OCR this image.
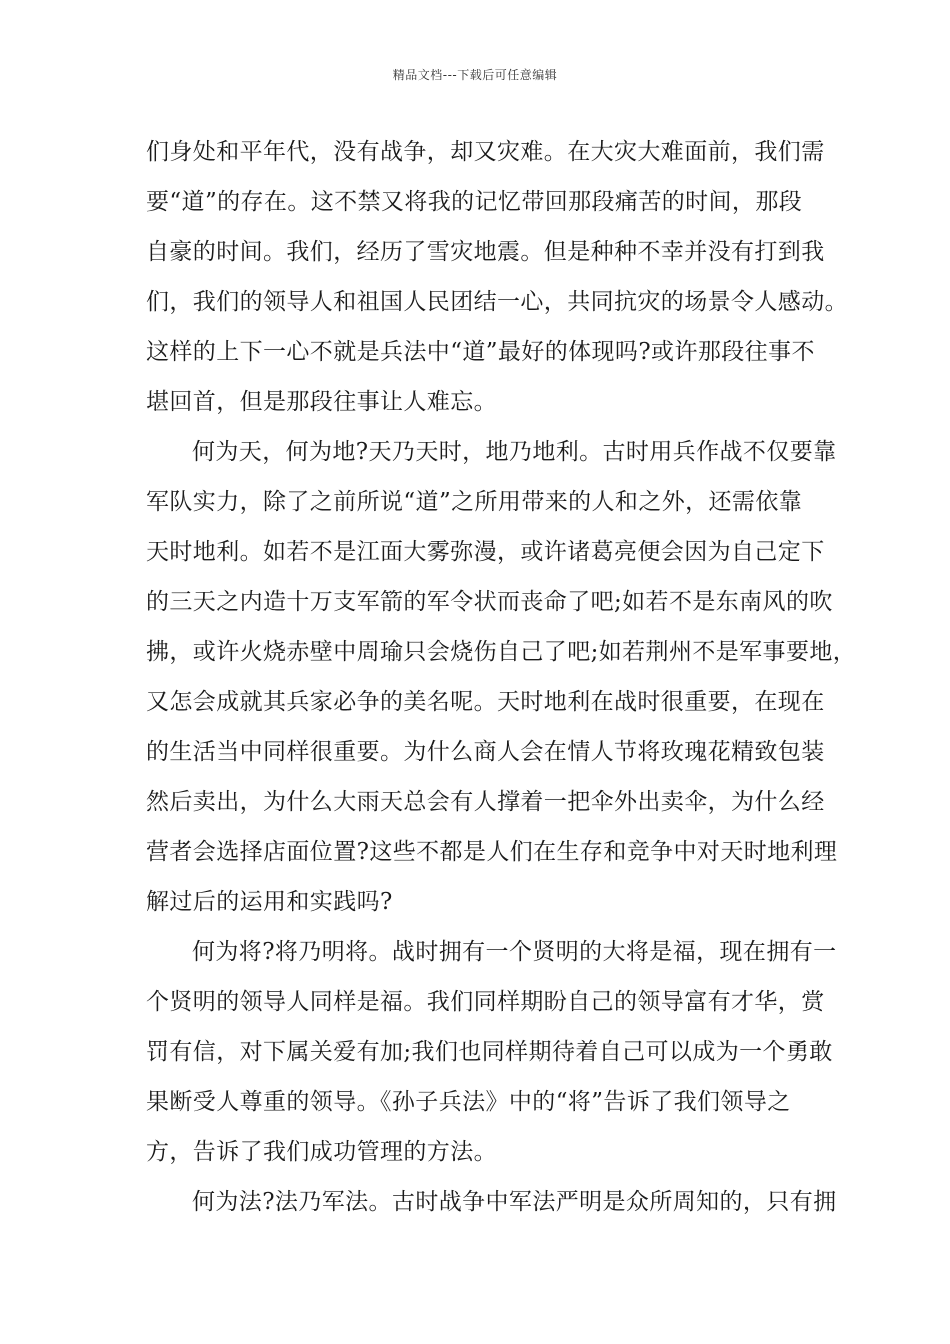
精品文档---下载后可任意编辑
们身处和平年代，没有战争，却又灾难。在大灾大难面前，我们需
要“道”的存在。这不禁又将我的记忆带回那段痛苦的时间，那段
自豪的时间。我们，经历了雪灾地震。但是种种不幸并没有打到我
们，我们的领导人和祖国人民团结一心，共同抗灾的场景令人感动。
这样的上下一心不就是兵法中“道”最好的体现吗?或许那段往事不
堪回首，但是那段往事让人难忘。
何为天，何为地?天乃天时，地乃地利。古时用兵作战不仅要靠
军队实力，除了之前所说“道”之所用带来的人和之外，还需依靠
天时地利。如若不是江面大雾弥漫，或许诸葛亮便会因为自己定下
的三天之内造十万支军箭的军令状而丧命了吧;如若不是东南风的吹
拂，或许火烧赤壁中周瑜只会烧伤自己了吧;如若荆州不是军事要地，
又怎会成就其兵家必争的美名呢。天时地利在战时很重要，在现在
的生活当中同样很重要。为什么商人会在情人节将玫瑰花精致包装
然后卖出，为什么大雨天总会有人撑着一把伞外出卖伞，为什么经
营者会选择店面位置?这些不都是人们在生存和竞争中对天时地利理
解过后的运用和实践吗?
何为将?将乃明将。战时拥有一个贤明的大将是福，现在拥有一
个贤明的领导人同样是福。我们同样期盼自己的领导富有才华，赏
罚有信，对下属关爱有加;我们也同样期待着自己可以成为一个勇敢
果断受人尊重的领导。《孙子兵法》中的“将”告诉了我们领导之
方，告诉了我们成功管理的方法。
何为法?法乃军法。古时战争中军法严明是众所周知的，只有拥
